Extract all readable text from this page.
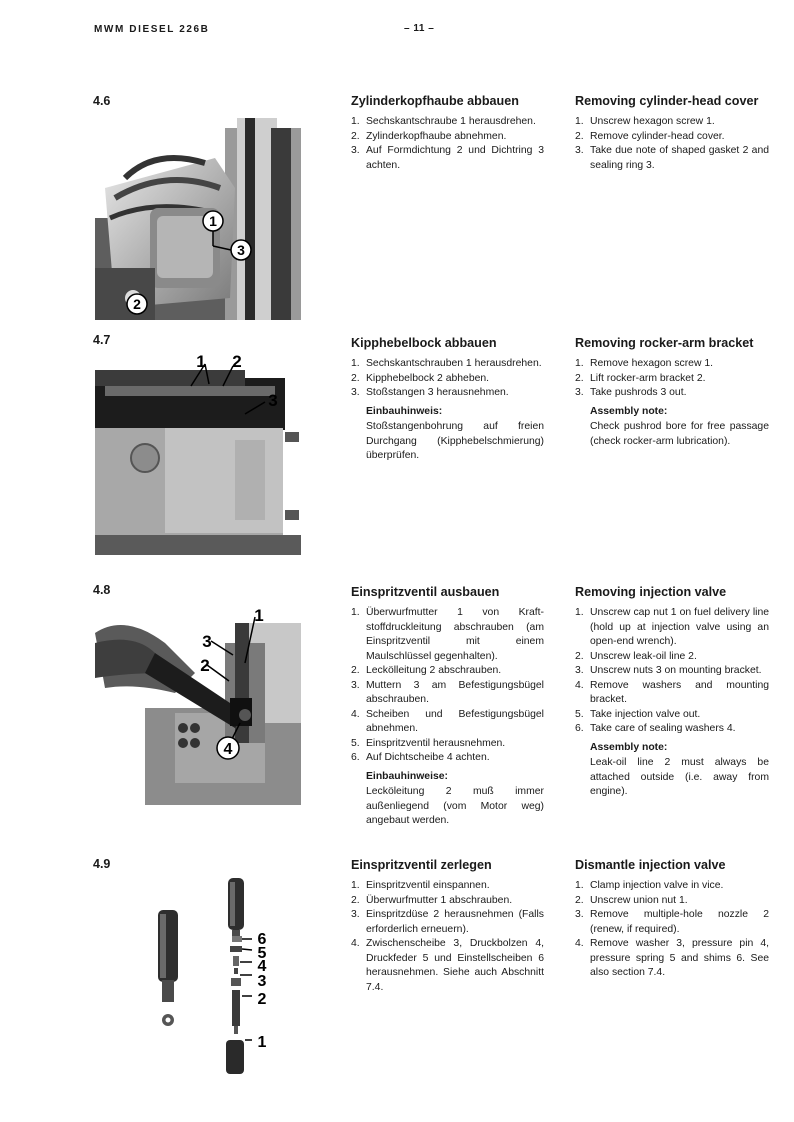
MWM DIESEL 226B	– 11 –
4.6
1
2
3
Zylinderkopfhaube abbauen
1. Sechskantschraube 1 herausdrehen.
2. Zylinderkopfhaube abnehmen.
3. Auf Formdichtung 2 und Dichtring 3 achten.
Removing cylinder-head cover
1. Unscrew hexagon screw 1.
2. Remove cylinder-head cover.
3. Take due note of shaped gasket 2 and sealing ring 3.
4.7
1 2
3
Kipphebelbock abbauen
1. Sechskantschrauben 1 herausdrehen.
2. Kipphebelbock 2 abheben.
3. Stoßstangen 3 herausnehmen.
Einbauhinweis:
Stoßstangenbohrung auf freien Durchgang (Kipphebelschmierung) überprüfen.
Removing rocker-arm bracket
1. Remove hexagon screw 1.
2. Lift rocker-arm bracket 2.
3. Take pushrods 3 out.
Assembly note:
Check pushrod bore for free passage (check rocker-arm lubrication).
4.8
1
2
3
4
Einspritzventil ausbauen
1. Überwurfmutter 1 von Kraftstoffdruckleitung abschrauben (am Einspritzventil mit einem Maulschlüssel gegenhalten).
2. Leckölleitung 2 abschrauben.
3. Muttern 3 am Befestigungsbügel abschrauben.
4. Scheiben und Befestigungsbügel abnehmen.
5. Einspritzventil herausnehmen.
6. Auf Dichtscheibe 4 achten.
Einbauhinweise:
Lecköleitung 2 muß immer außenliegend (vom Motor weg) angebaut werden.
Removing injection valve
1. Unscrew cap nut 1 on fuel delivery line (hold up at injection valve using an open-end wrench).
2. Unscrew leak-oil line 2.
3. Unscrew nuts 3 on mounting bracket.
4. Remove washers and mounting bracket.
5. Take injection valve out.
6. Take care of sealing washers 4.
Assembly note:
Leak-oil line 2 must always be attached outside (i.e. away from engine).
4.9
6
5
4
3
2
1
Einspritzventil zerlegen
1. Einspritzventil einspannen.
2. Überwurfmutter 1 abschrauben.
3. Einspritzdüse 2 herausnehmen (Falls erforderlich erneuern).
4. Zwischenscheibe 3, Druckbolzen 4, Druckfeder 5 und Einstellscheiben 6 herausnehmen. Siehe auch Abschnitt 7.4.
Dismantle injection valve
1. Clamp injection valve in vice.
2. Unscrew union nut 1.
3. Remove multiple-hole nozzle 2 (renew, if required).
4. Remove washer 3, pressure pin 4, pressure spring 5 and shims 6. See also section 7.4.
